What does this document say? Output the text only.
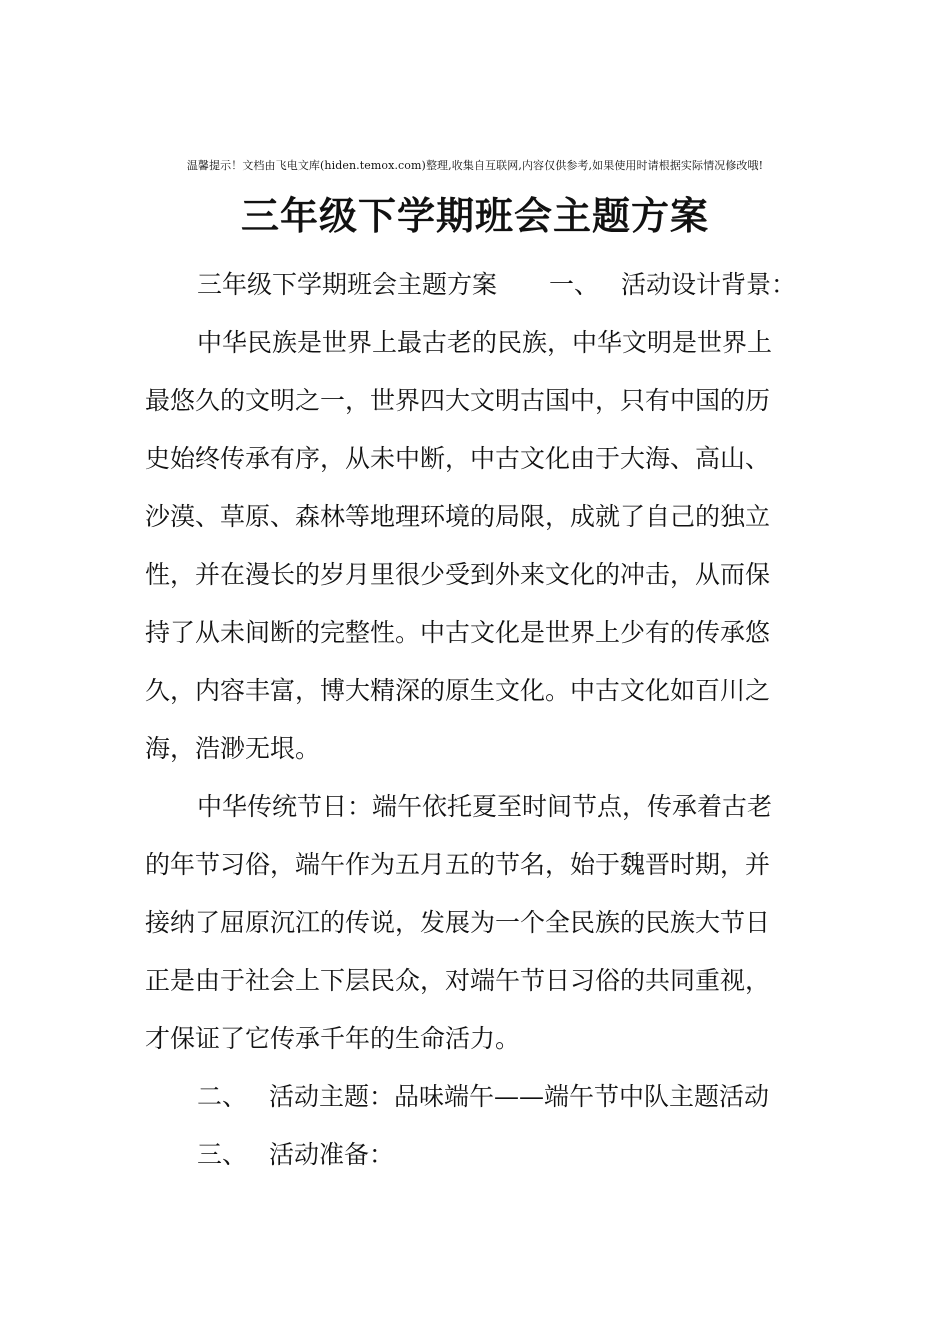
温馨提示！文档由飞电文库(hiden.temox.com)整理,收集自互联网,内容仅供参考,如果使用时请根据实际情况修改哦!
三年级下学期班会主题方案
三年级下学期班会主题方案 一、 活动设计背景：
中华民族是世界上最古老的民族，中华文明是世界上
最悠久的文明之一，世界四大文明古国中，只有中国的历
史始终传承有序，从未中断，中古文化由于大海、高山、
沙漠、草原、森林等地理环境的局限，成就了自己的独立
性，并在漫长的岁月里很少受到外来文化的冲击，从而保
持了从未间断的完整性。中古文化是世界上少有的传承悠
久，内容丰富，博大精深的原生文化。中古文化如百川之
海，浩渺无垠。
中华传统节日：端午依托夏至时间节点，传承着古老
的年节习俗，端午作为五月五的节名，始于魏晋时期，并
接纳了屈原沉江的传说，发展为一个全民族的民族大节日
正是由于社会上下层民众，对端午节日习俗的共同重视，
才保证了它传承千年的生命活力。
二、 活动主题：品味端午——端午节中队主题活动
三、 活动准备：
